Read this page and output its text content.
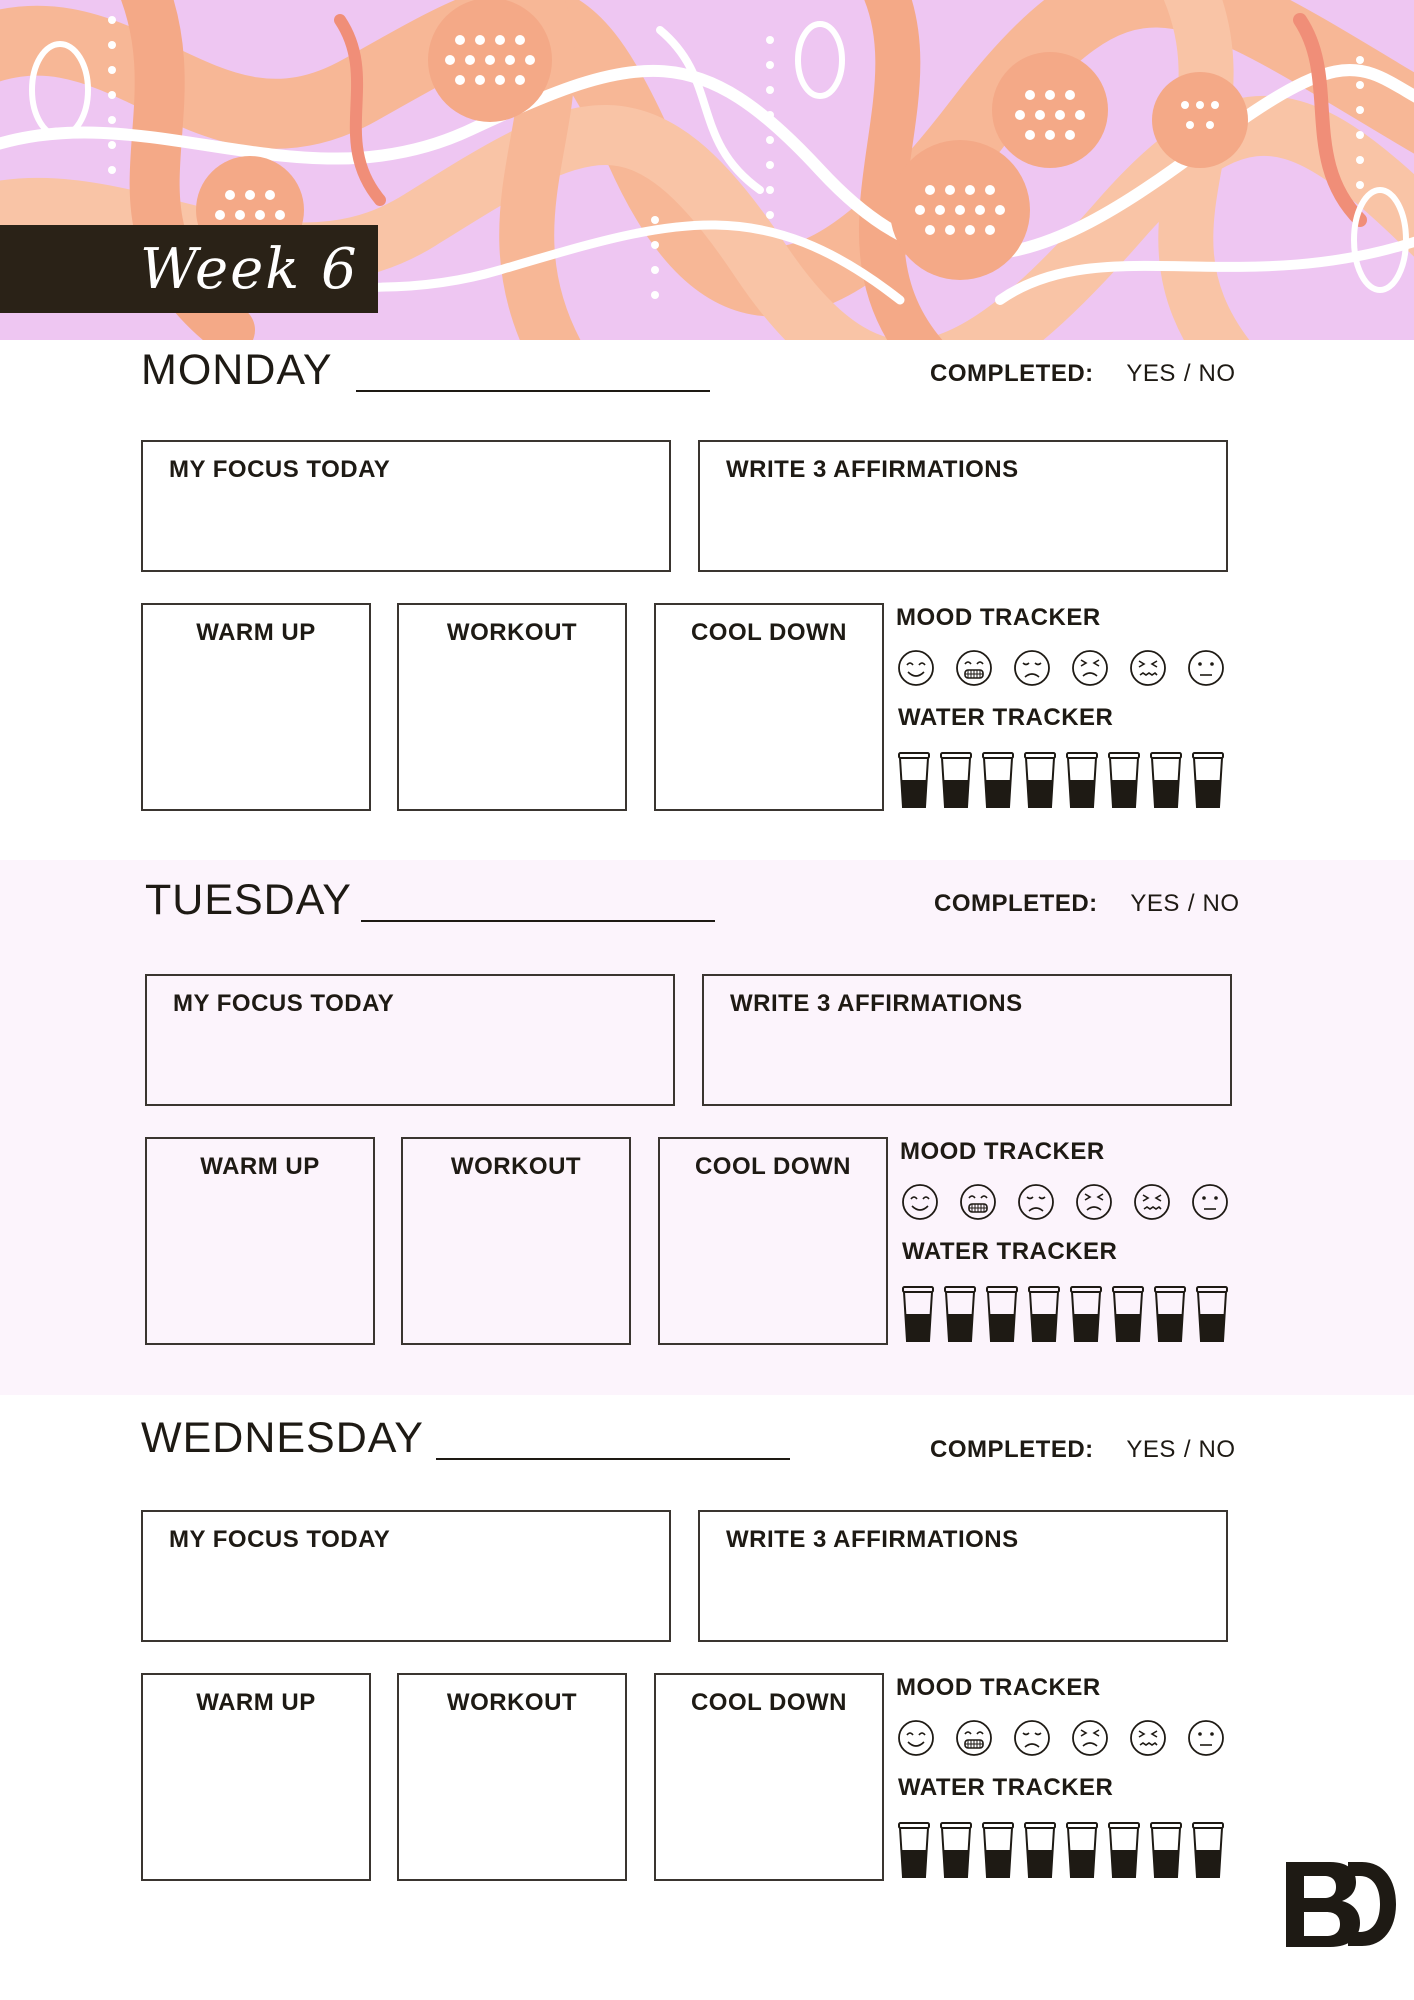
Week 6
MONDAY	COMPLETED: YES / NO
MY FOCUS TODAY	WRITE 3 AFFIRMATIONS
WARM UP	WORKOUT	COOL DOWN
MOOD TRACKER
WATER TRACKER
TUESDAY	COMPLETED: YES / NO
MY FOCUS TODAY	WRITE 3 AFFIRMATIONS
WARM UP	WORKOUT	COOL DOWN
MOOD TRACKER
WATER TRACKER
WEDNESDAY	COMPLETED: YES / NO
MY FOCUS TODAY	WRITE 3 AFFIRMATIONS
WARM UP	WORKOUT	COOL DOWN
MOOD TRACKER
WATER TRACKER
